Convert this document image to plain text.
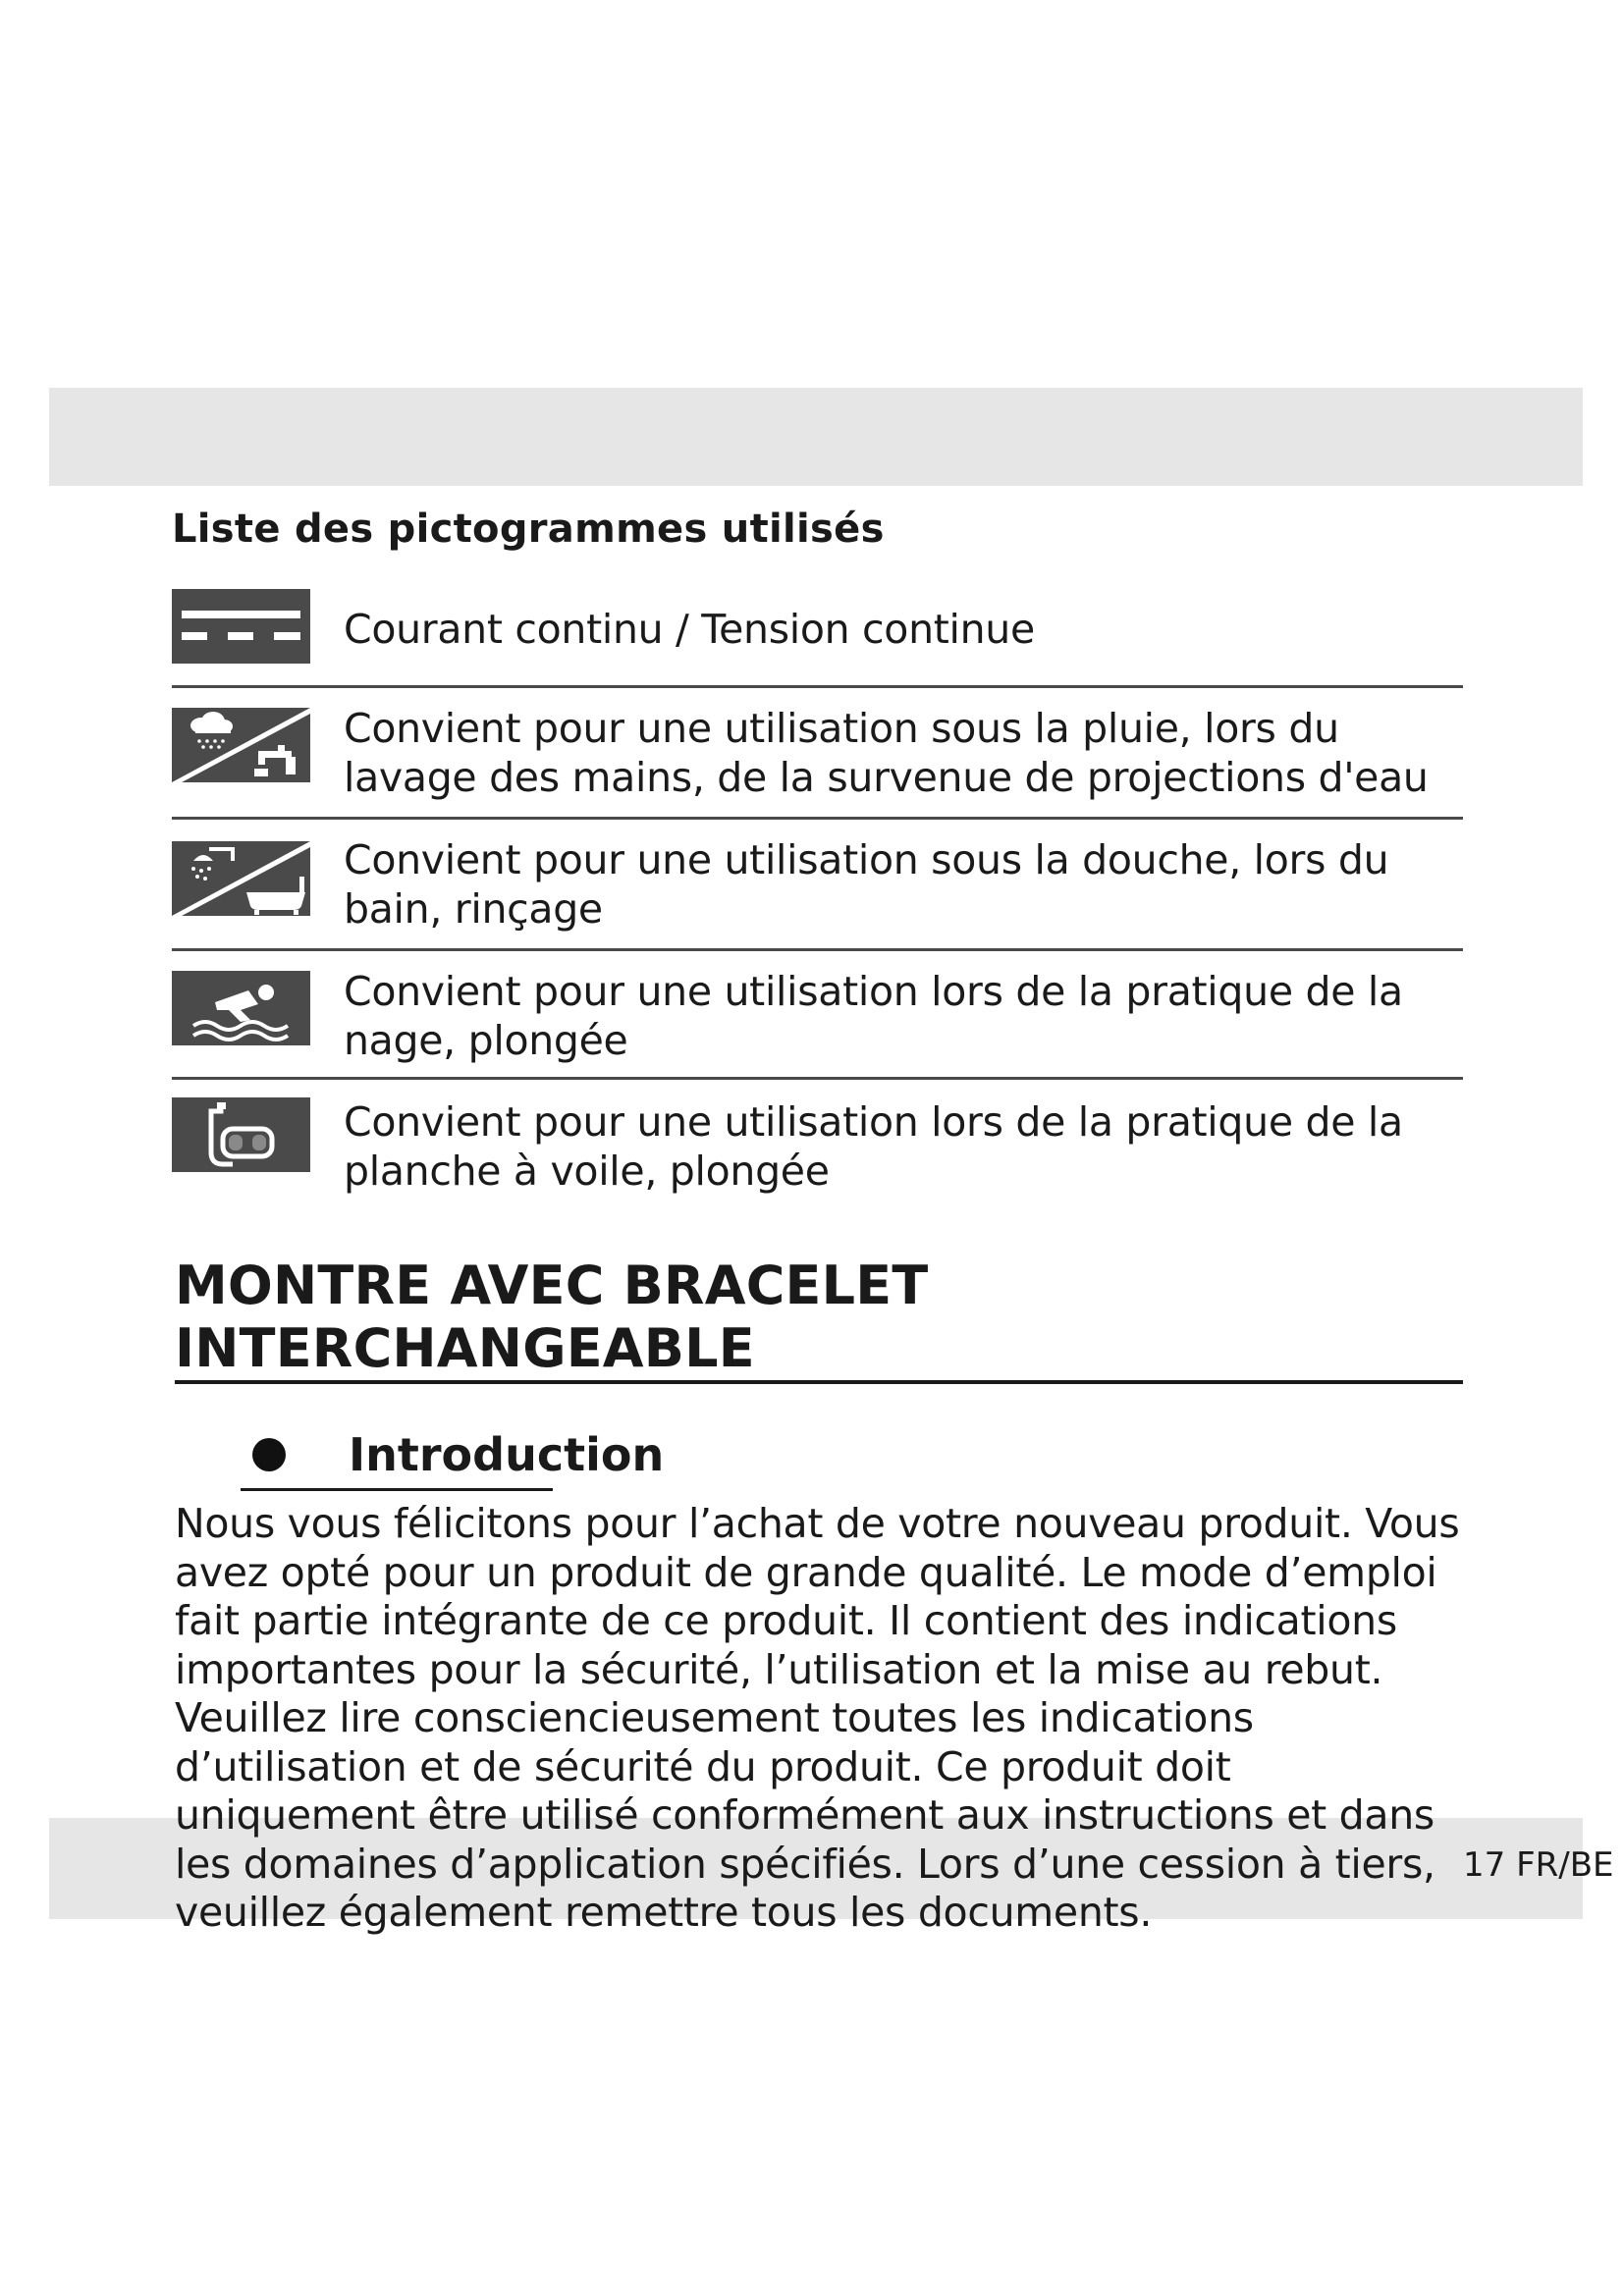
Liste des pictogrammes utilisés
Courant continu / Tension continue
Convient pour une utilisation sous la pluie, lors du lavage des mains, de la survenue de projections d'eau
Convient pour une utilisation sous la douche, lors du bain, rinçage
Convient pour une utilisation lors de la pratique de la nage, plongée
Convient pour une utilisation lors de la pratique de la planche à voile, plongée
MONTRE AVEC BRACELET INTERCHANGEABLE
Introduction

Nous vous félicitons pour l’achat de votre nouveau produit. Vous avez opté pour un produit de grande qualité. Le mode d’emploi fait partie intégrante de ce produit. Il contient des indications importantes pour la sécurité, l’utilisation et la mise au rebut. Veuillez lire consciencieusement toutes les indications d’utilisation et de sécurité du produit. Ce produit doit uniquement être utilisé conformément aux instructions et dans les domaines d’application spécifiés. Lors d’une cession à tiers, veuillez également remettre tous les documents.

17 FR/BE
